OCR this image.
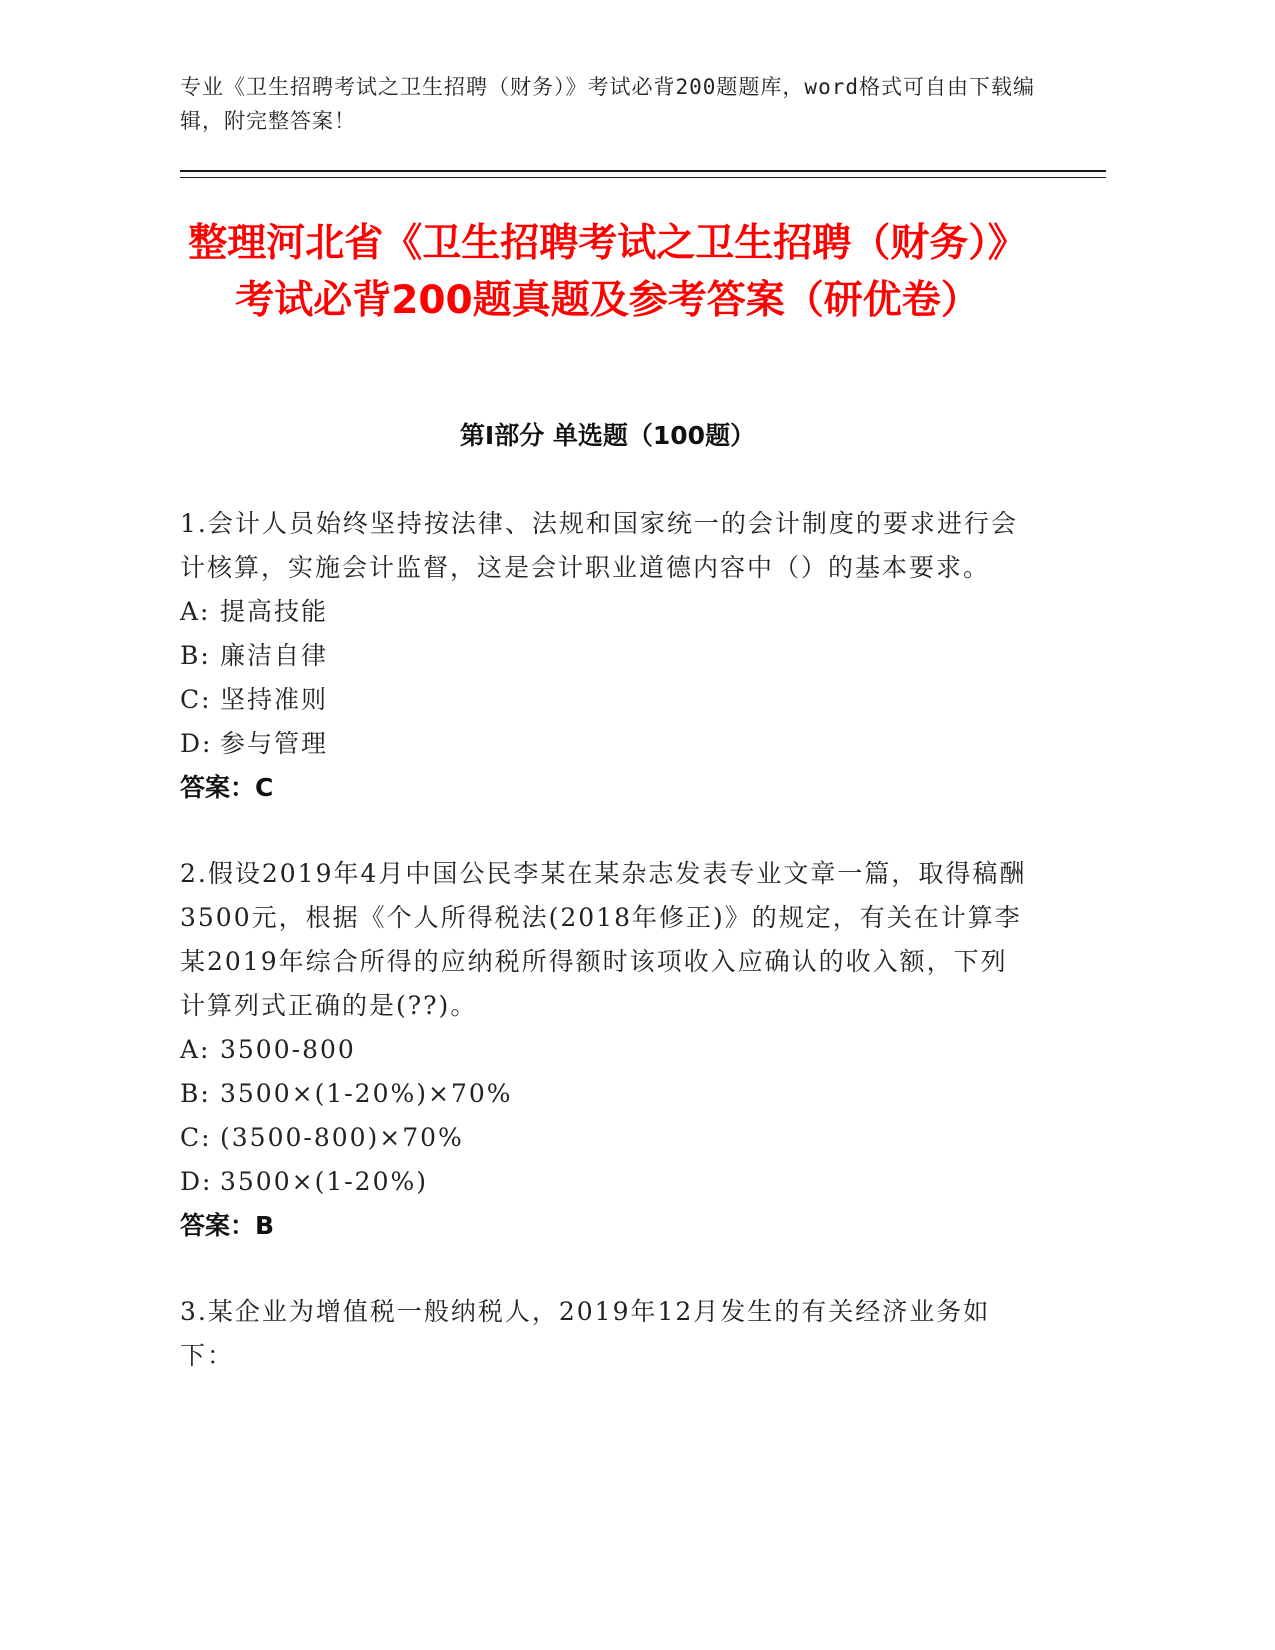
专业《卫生招聘考试之卫生招聘（财务）》考试必背200题题库，word格式可自由下载编辑，附完整答案！
整理河北省《卫生招聘考试之卫生招聘（财务）》考试必背200题真题及参考答案（研优卷）
第Ⅰ部分 单选题（100题）
1.会计人员始终坚持按法律、法规和国家统一的会计制度的要求进行会计核算，实施会计监督，这是会计职业道德内容中（）的基本要求。
A: 提高技能
B: 廉洁自律
C: 坚持准则
D: 参与管理
答案：C
2.假设2019年4月中国公民李某在某杂志发表专业文章一篇，取得稿酬3500元，根据《个人所得税法(2018年修正)》的规定，有关在计算李某2019年综合所得的应纳税所得额时该项收入应确认的收入额，下列计算列式正确的是(??)。
A: 3500-800
B: 3500×(1-20%)×70%
C: (3500-800)×70%
D: 3500×(1-20%)
答案：B
3.某企业为增值税一般纳税人，2019年12月发生的有关经济业务如下：
